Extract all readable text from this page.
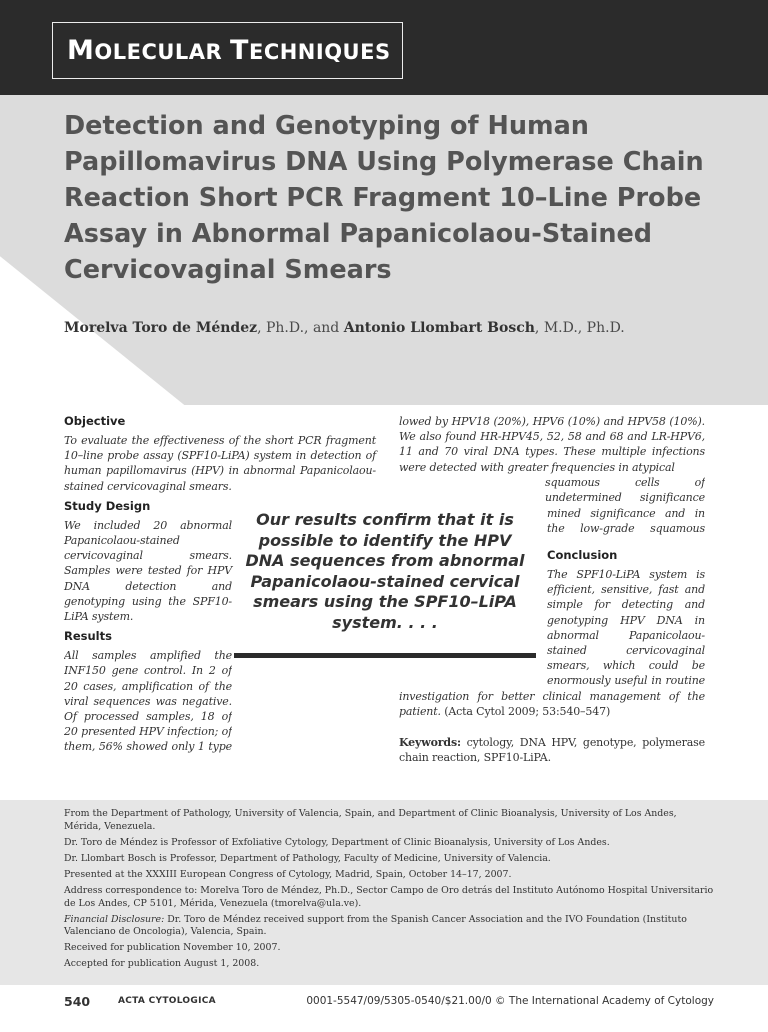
MOLECULAR TECHNIQUES
Detection and Genotyping of Human Papillomavirus DNA Using Polymerase Chain Reaction Short PCR Fragment 10–Line Probe Assay in Abnormal Papanicolaou-Stained Cervicovaginal Smears
Morelva Toro de Méndez, Ph.D., and Antonio Llombart Bosch, M.D., Ph.D.
Objective
To evaluate the effectiveness of the short PCR fragment 10–line probe assay (SPF10-LiPA) system in detection of human papillomavirus (HPV) in abnormal Papanicolaou-stained cervicovaginal smears.
Study Design
We included 20 abnormal Papanicolaou-stained cervicovaginal smears. Samples were tested for HPV DNA detection and genotyping using the SPF10-LiPA system.
Results
All samples amplified the INF150 gene control. In 2 of 20 cases, amplification of the viral sequences was negative. Of processed samples, 18 of 20 presented HPV infection; of them, 56% showed only 1 type
lowed by HPV18 (20%), HPV6 (10%) and HPV58 (10%). We also found HR-HPV45, 52, 58 and 68 and LR-HPV6, 11 and 70 viral DNA types. These multiple infections were detected with greater frequencies in atypical
squamous cells of undetermined significance
mined significance and in the low-grade squamous
Conclusion
The SPF10-LiPA system is efficient, sensitive, fast and simple for detecting and genotyping HPV DNA in abnormal Papanicolaou-stained cervicovaginal smears, which could be enormously useful in routine investigation for better clinical management of the patient. (Acta Cytol 2009; 53:540–547)
Keywords: cytology, DNA HPV, genotype, polymerase chain reaction, SPF10-LiPA.
Our results confirm that it is possible to identify the HPV DNA sequences from abnormal Papanicolaou-stained cervical smears using the SPF10–LiPA system. . . .

From the Department of Pathology, University of Valencia, Spain, and Department of Clinic Bioanalysis, University of Los Andes, Mérida, Venezuela.

Dr. Toro de Méndez is Professor of Exfoliative Cytology, Department of Clinic Bioanalysis, University of Los Andes.

Dr. Llombart Bosch is Professor, Department of Pathology, Faculty of Medicine, University of Valencia.

Presented at the XXXIII European Congress of Cytology, Madrid, Spain, October 14–17, 2007.

Address correspondence to: Morelva Toro de Méndez, Ph.D., Sector Campo de Oro detrás del Instituto Autónomo Hospital Universitario de Los Andes, CP 5101, Mérida, Venezuela (tmorelva@ula.ve).

Financial Disclosure: Dr. Toro de Méndez received support from the Spanish Cancer Association and the IVO Foundation (Instituto Valenciano de Oncologia), Valencia, Spain.

Received for publication November 10, 2007.

Accepted for publication August 1, 2008.

540	ACTA CYTOLOGICA	0001-5547/09/5305-0540/$21.00/0 © The International Academy of Cytology
